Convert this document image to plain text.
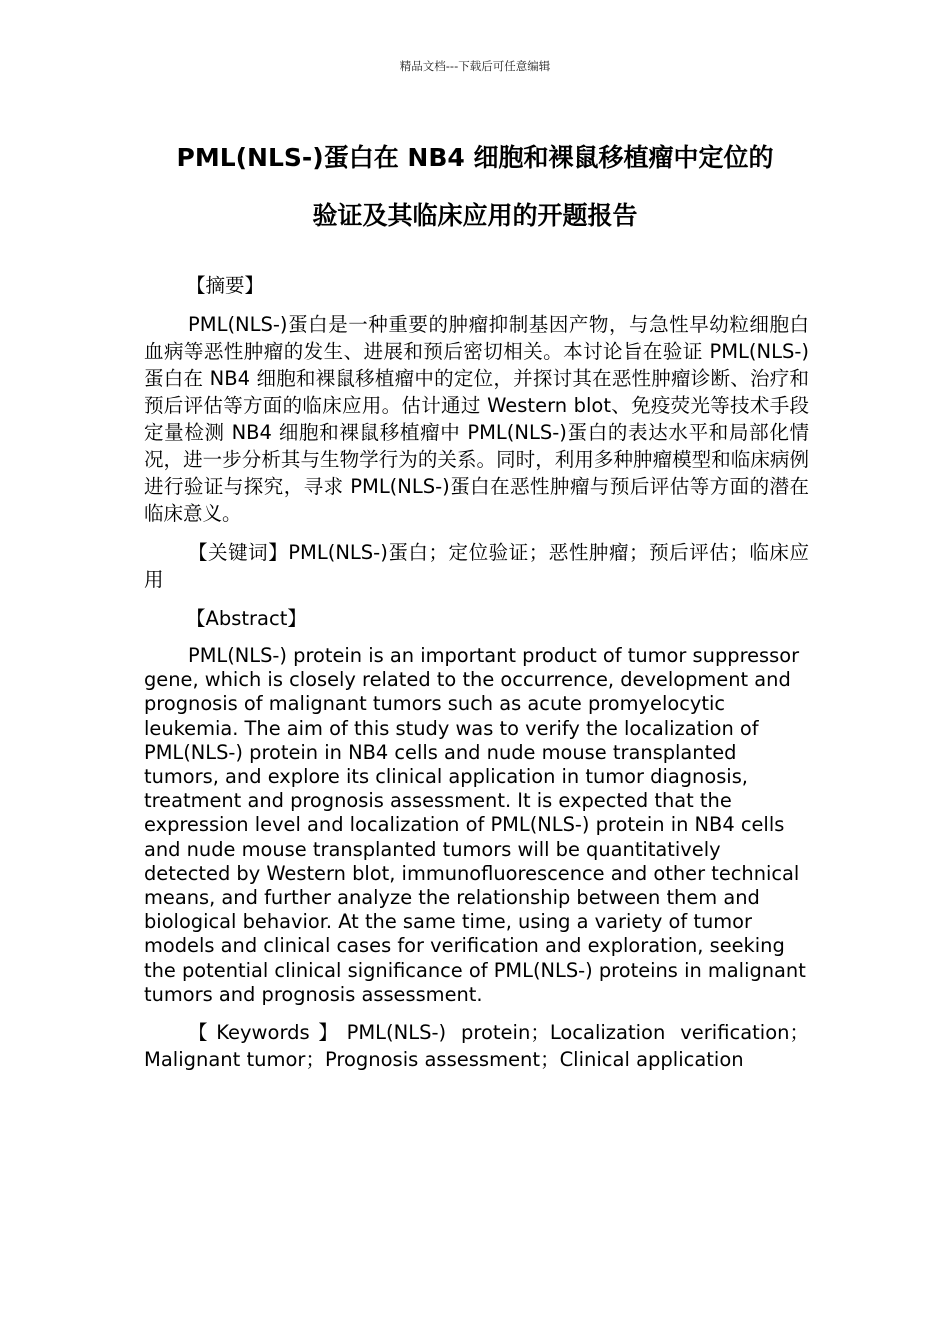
精品文档---下载后可任意编辑
PML(NLS-)蛋白在 NB4 细胞和裸鼠移植瘤中定位的
验证及其临床应用的开题报告
【摘要】

PML(NLS-)蛋白是一种重要的肿瘤抑制基因产物，与急性早幼粒细胞白血病等恶性肿瘤的发生、进展和预后密切相关。本讨论旨在验证 PML(NLS-)蛋白在 NB4 细胞和裸鼠移植瘤中的定位，并探讨其在恶性肿瘤诊断、治疗和预后评估等方面的临床应用。估计通过 Western blot、免疫荧光等技术手段定量检测 NB4 细胞和裸鼠移植瘤中 PML(NLS-)蛋白的表达水平和局部化情况，进一步分析其与生物学行为的关系。同时，利用多种肿瘤模型和临床病例进行验证与探究，寻求 PML(NLS-)蛋白在恶性肿瘤与预后评估等方面的潜在临床意义。

【关键词】PML(NLS-)蛋白；定位验证；恶性肿瘤；预后评估；临床应用

【Abstract】

PML(NLS-) protein is an important product of tumor suppressor gene, which is closely related to the occurrence, development and prognosis of malignant tumors such as acute promyelocytic leukemia. The aim of this study was to verify the localization of PML(NLS-) protein in NB4 cells and nude mouse transplanted tumors, and explore its clinical application in tumor diagnosis, treatment and prognosis assessment. It is expected that the expression level and localization of PML(NLS-) protein in NB4 cells and nude mouse transplanted tumors will be quantitatively detected by Western blot, immunofluorescence and other technical means, and further analyze the relationship between them and biological behavior. At the same time, using a variety of tumor models and clinical cases for verification and exploration, seeking the potential clinical significance of PML(NLS-) proteins in malignant tumors and prognosis assessment.

【Keywords】PML(NLS-) protein；Localization verification；Malignant tumor；Prognosis assessment；Clinical application
